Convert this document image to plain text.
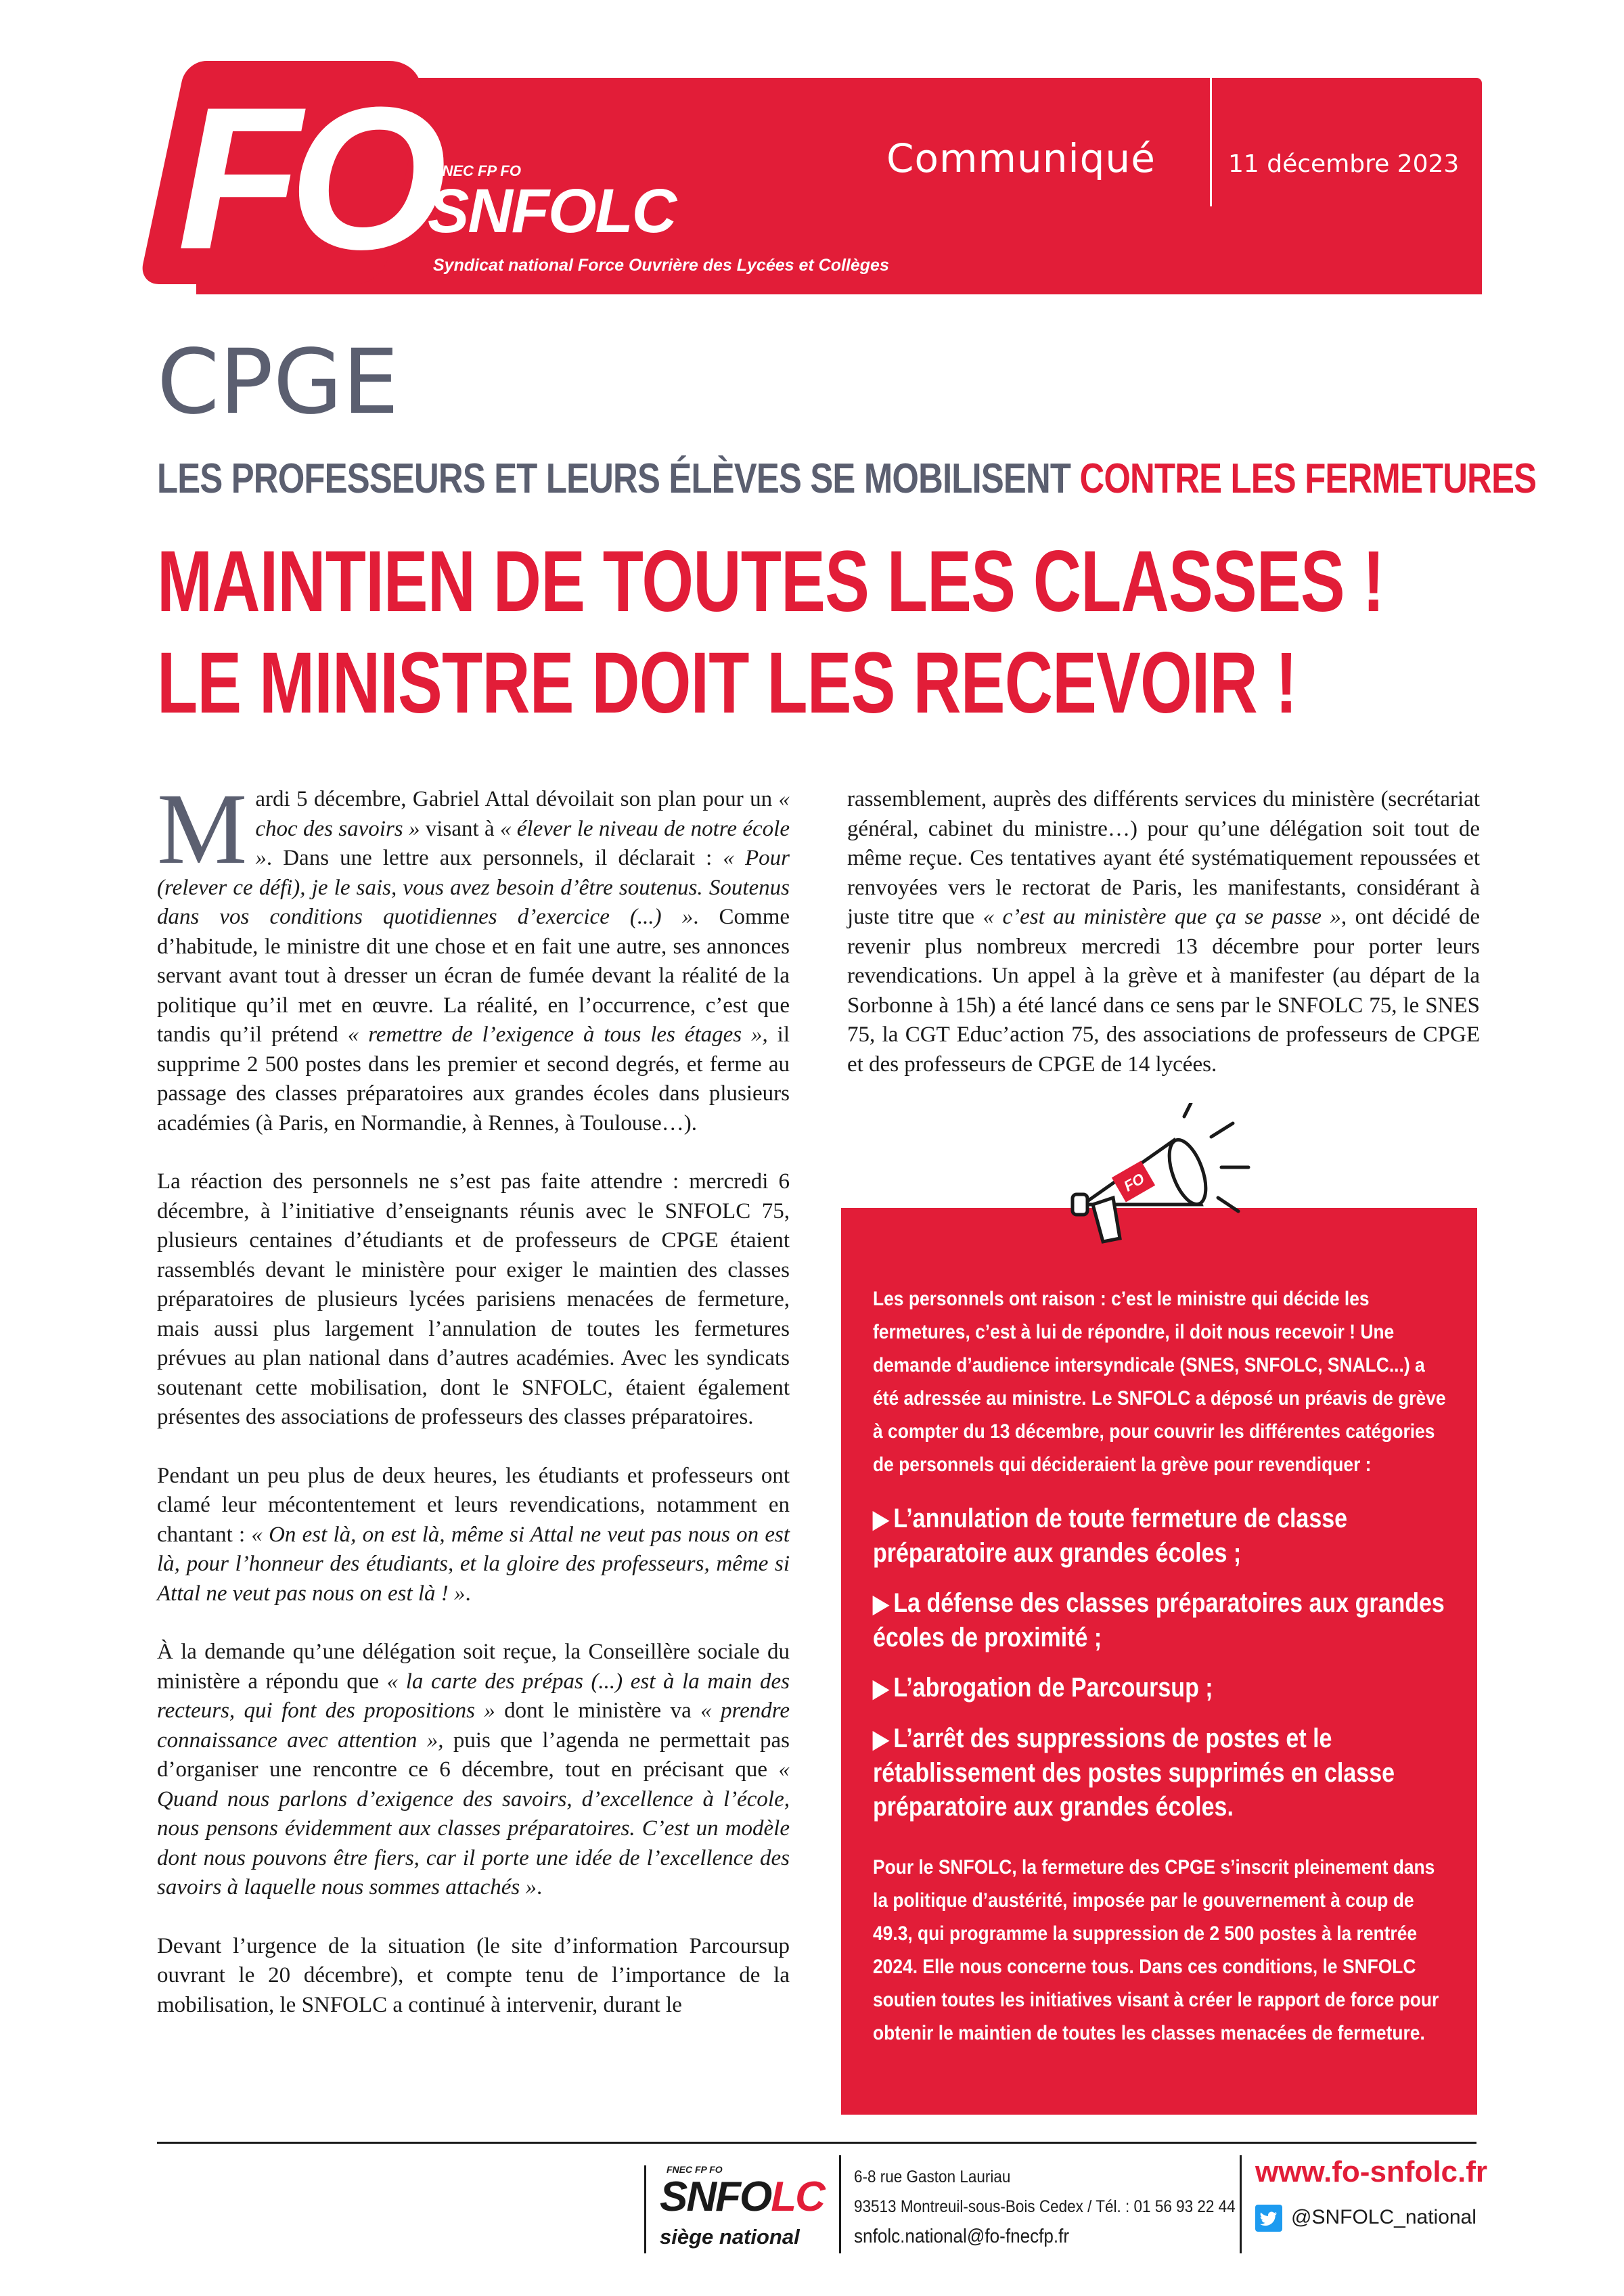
FO
FNEC FP FO
SNFOLC
Syndicat national Force Ouvrière des Lycées et Collèges
Communiqué	11 décembre 2023
CPGE
LES PROFESSEURS ET LEURS ÉLÈVES SE MOBILISENT CONTRE LES FERMETURES
MAINTIEN DE TOUTES LES CLASSES !
LE MINISTRE DOIT LES RECEVOIR !

Mardi 5 décembre, Gabriel Attal dévoilait son plan pour un « choc des savoirs » visant à « élever le niveau de notre école ». Dans une lettre aux personnels, il déclarait : « Pour (relever ce défi), je le sais, vous avez besoin d’être soutenus. Soutenus dans vos conditions quotidiennes d’exercice (...) ». Comme d’habitude, le ministre dit une chose et en fait une autre, ses annonces servant avant tout à dresser un écran de fumée devant la réalité de la politique qu’il met en œuvre. La réalité, en l’occurrence, c’est que tandis qu’il prétend « remettre de l’exigence à tous les étages », il supprime 2 500 postes dans les premier et second degrés, et ferme au passage des classes préparatoires aux grandes écoles dans plusieurs académies (à Paris, en Normandie, à Rennes, à Toulouse…).

La réaction des personnels ne s’est pas faite attendre : mercredi 6 décembre, à l’initiative d’enseignants réunis avec le SNFOLC 75, plusieurs centaines d’étudiants et de professeurs de CPGE étaient rassemblés devant le ministère pour exiger le maintien des classes préparatoires de plusieurs lycées parisiens menacées de fermeture, mais aussi plus largement l’annulation de toutes les fermetures prévues au plan national dans d’autres académies. Avec les syndicats soutenant cette mobilisation, dont le SNFOLC, étaient également présentes des associations de professeurs des classes préparatoires.

Pendant un peu plus de deux heures, les étudiants et professeurs ont clamé leur mécontentement et leurs revendications, notamment en chantant : « On est là, on est là, même si Attal ne veut pas nous on est là, pour l’honneur des étudiants, et la gloire des professeurs, même si Attal ne veut pas nous on est là ! ».

À la demande qu’une délégation soit reçue, la Conseillère sociale du ministère a répondu que « la carte des prépas (...) est à la main des recteurs, qui font des propositions » dont le ministère va « prendre connaissance avec attention », puis que l’agenda ne permettait pas d’organiser une rencontre ce 6 décembre, tout en précisant que « Quand nous parlons d’exigence des savoirs, d’excellence à l’école, nous pensons évidemment aux classes préparatoires. C’est un modèle dont nous pouvons être fiers, car il porte une idée de l’excellence des savoirs à laquelle nous sommes attachés ».

Devant l’urgence de la situation (le site d’information Parcoursup ouvrant le 20 décembre), et compte tenu de l’importance de la mobilisation, le SNFOLC a continué à intervenir, durant le

rassemblement, auprès des différents services du ministère (secrétariat général, cabinet du ministre…) pour qu’une délégation soit tout de même reçue. Ces tentatives ayant été systématiquement repoussées et renvoyées vers le rectorat de Paris, les manifestants, considérant à juste titre que « c’est au ministère que ça se passe », ont décidé de revenir plus nombreux mercredi 13 décembre pour porter leurs revendications. Un appel à la grève et à manifester (au départ de la Sorbonne à 15h) a été lancé dans ce sens par le SNFOLC 75, le SNES 75, la CGT Educ’action 75, des associations de professeurs de CPGE et des professeurs de CPGE de 14 lycées.

FO

Les personnels ont raison : c’est le ministre qui décide les fermetures, c’est à lui de répondre, il doit nous recevoir ! Une demande d’audience intersyndicale (SNES, SNFOLC, SNALC...) a été adressée au ministre. Le SNFOLC a déposé un préavis de grève à compter du 13 décembre, pour couvrir les différentes catégories de personnels qui décideraient la grève pour revendiquer :

▶ L’annulation de toute fermeture de classe préparatoire aux grandes écoles ;

▶ La défense des classes préparatoires aux grandes écoles de proximité ;

▶ L’abrogation de Parcoursup ;

▶ L’arrêt des suppressions de postes et le rétablissement des postes supprimés en classe préparatoire aux grandes écoles.

Pour le SNFOLC, la fermeture des CPGE s’inscrit pleinement dans la politique d’austérité, imposée par le gouvernement à coup de 49.3, qui programme la suppression de 2 500 postes à la rentrée 2024. Elle nous concerne tous. Dans ces conditions, le SNFOLC soutien toutes les initiatives visant à créer le rapport de force pour obtenir le maintien de toutes les classes menacées de fermeture.

FNEC FP FO
SNFOLC
siège national
6-8 rue Gaston Lauriau
93513 Montreuil-sous-Bois Cedex / Tél. : 01 56 93 22 44
snfolc.national@fo-fnecfp.fr
www.fo-snfolc.fr
@SNFOLC_national
